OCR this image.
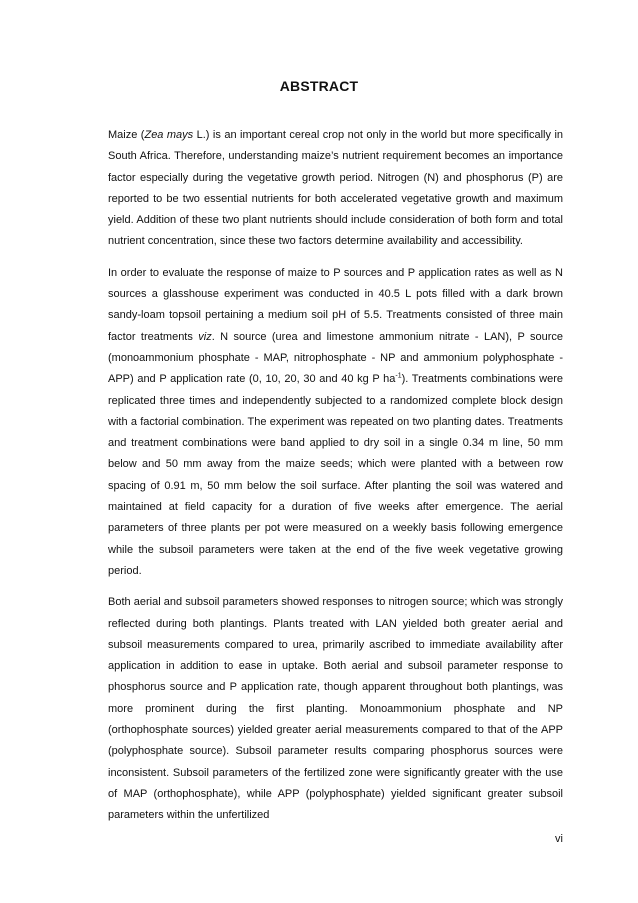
ABSTRACT

Maize (Zea mays L.) is an important cereal crop not only in the world but more specifically in South Africa. Therefore, understanding maize’s nutrient requirement becomes an importance factor especially during the vegetative growth period. Nitrogen (N) and phosphorus (P) are reported to be two essential nutrients for both accelerated vegetative growth and maximum yield. Addition of these two plant nutrients should include consideration of both form and total nutrient concentration, since these two factors determine availability and accessibility.

In order to evaluate the response of maize to P sources and P application rates as well as N sources a glasshouse experiment was conducted in 40.5 L pots filled with a dark brown sandy-loam topsoil pertaining a medium soil pH of 5.5. Treatments consisted of three main factor treatments viz. N source (urea and limestone ammonium nitrate - LAN), P source (monoammonium phosphate - MAP, nitrophosphate - NP and ammonium polyphosphate - APP) and P application rate (0, 10, 20, 30 and 40 kg P $ha^{-1}$). Treatments combinations were replicated three times and independently subjected to a randomized complete block design with a factorial combination. The experiment was repeated on two planting dates. Treatments and treatment combinations were band applied to dry soil in a single 0.34 m line, 50 mm below and 50 mm away from the maize seeds; which were planted with a between row spacing of 0.91 m, 50 mm below the soil surface. After planting the soil was watered and maintained at field capacity for a duration of five weeks after emergence. The aerial parameters of three plants per pot were measured on a weekly basis following emergence while the subsoil parameters were taken at the end of the five week vegetative growing period.

Both aerial and subsoil parameters showed responses to nitrogen source; which was strongly reflected during both plantings. Plants treated with LAN yielded both greater aerial and subsoil measurements compared to urea, primarily ascribed to immediate availability after application in addition to ease in uptake. Both aerial and subsoil parameter response to phosphorus source and P application rate, though apparent throughout both plantings, was more prominent during the first planting. Monoammonium phosphate and NP (orthophosphate sources) yielded greater aerial measurements compared to that of the APP (polyphosphate source). Subsoil parameter results comparing phosphorus sources were inconsistent. Subsoil parameters of the fertilized zone were significantly greater with the use of MAP (orthophosphate), while APP (polyphosphate) yielded significant greater subsoil parameters within the unfertilized

vi
